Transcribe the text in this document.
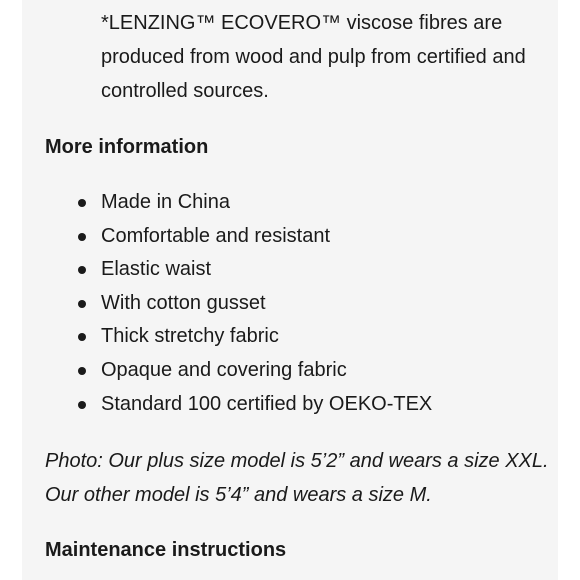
*LENZING™ ECOVERO™ viscose fibres are produced from wood and pulp from certified and controlled sources.

More information
Made in China
Comfortable and resistant
Elastic waist
With cotton gusset
Thick stretchy fabric
Opaque and covering fabric
Standard 100 certified by OEKO-TEX

Photo: Our plus size model is 5’2” and wears a size XXL. Our other model is 5’4” and wears a size M.

Maintenance instructions
